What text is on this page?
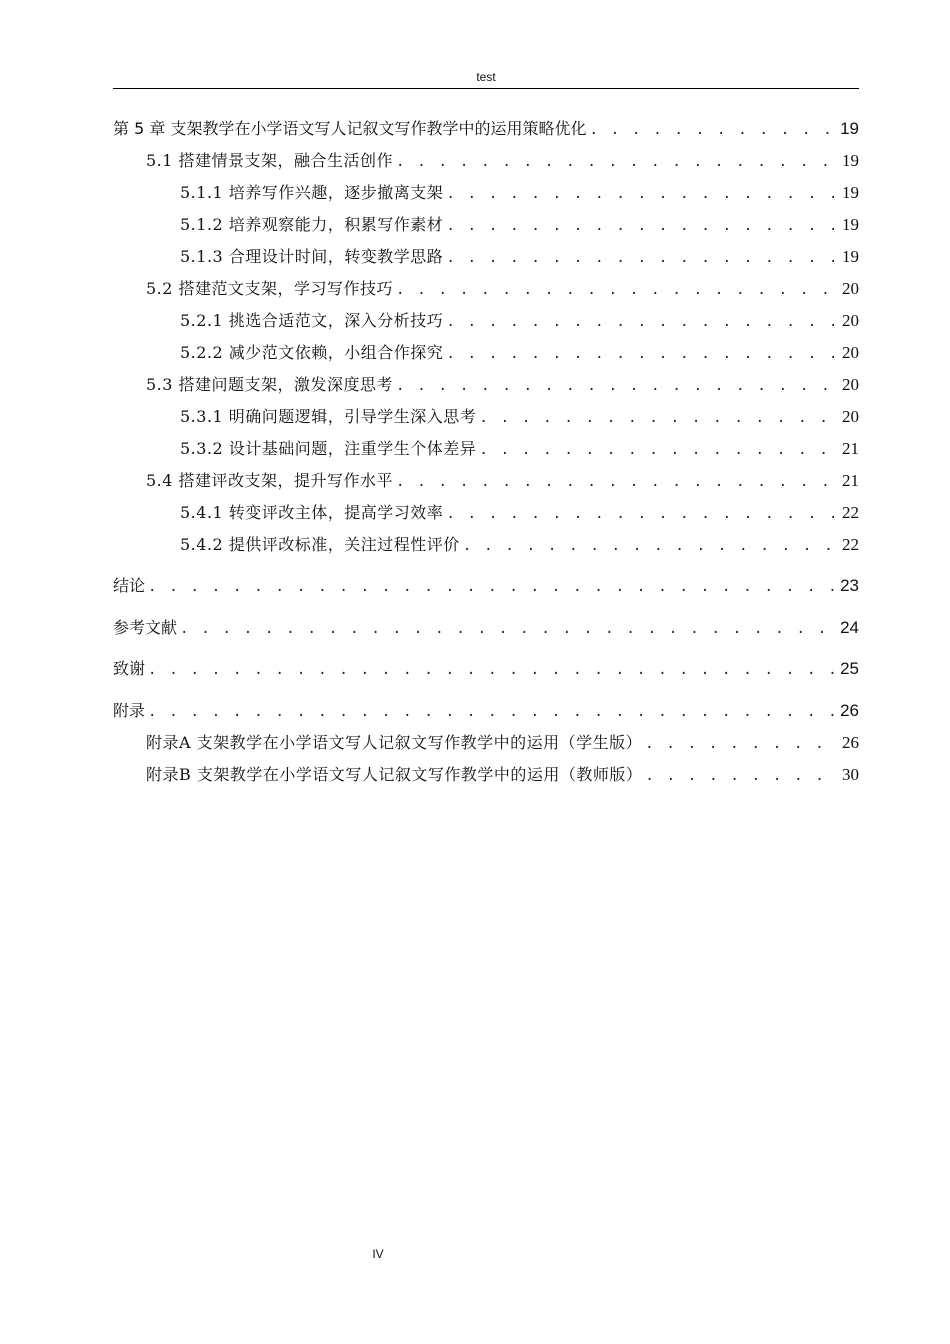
test
第 5 章 支架教学在小学语文写人记叙文写作教学中的运用策略优化 . . .	19
5.1 搭建情景支架，融合生活创作 . . .	19
5.1.1 培养写作兴趣，逐步撤离支架 . . .	19
5.1.2 培养观察能力，积累写作素材 . . .	19
5.1.3 合理设计时间，转变教学思路 . . .	19
5.2 搭建范文支架，学习写作技巧 . . .	20
5.2.1 挑选合适范文，深入分析技巧 . . .	20
5.2.2 减少范文依赖，小组合作探究 . . .	20
5.3 搭建问题支架，激发深度思考 . . .	20
5.3.1 明确问题逻辑，引导学生深入思考 . . .	20
5.3.2 设计基础问题，注重学生个体差异 . . .	21
5.4 搭建评改支架，提升写作水平 . . .	21
5.4.1 转变评改主体，提高学习效率 . . .	22
5.4.2 提供评改标准，关注过程性评价 . . .	22
结论 . . .	23
参考文献 . . .	24
致谢 . . .	25
附录 . . .	26
附录A 支架教学在小学语文写人记叙文写作教学中的运用（学生版） . . .	26
附录B 支架教学在小学语文写人记叙文写作教学中的运用（教师版） . . .	30
IV
